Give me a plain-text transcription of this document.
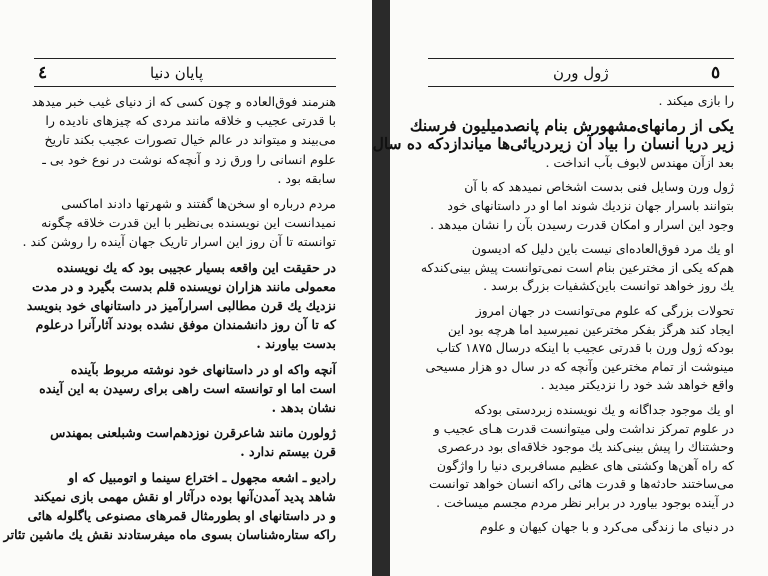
٤	پایان دنیا
هنرمند فوق‌العاده و چون کسی که از دنیای غیب خبر میدهد
با قدرتی عجیب و خلاقه مانند مردی که چیزهای نادیده را
می‌بیند و میتواند در عالم خیال تصورات عجیب بکند تاریخ
علوم انسانی را ورق زد و آنچه‌که نوشت در نوع خود بی ـ
سابقه بود .
مردم درباره او سخن‌ها گفتند و شهرتها دادند اماکسی
نمیدانست این نویسنده بی‌نظیر با این قدرت خلاقه چگونه
توانسته تا آن روز این اسرار تاریک جهان آینده را روشن کند .
در حقیقت این واقعه بسیار عجیبی بود که یك نویسنده
معمولی مانند هزاران نویسنده قلم بدست بگیرد و در مدت
نزدیك یك قرن مطالبی اسرارآمیز در داستانهای خود بنویسد
که تا آن روز دانشمندان موفق نشده بودند آثارآنرا درعلوم
بدست بیاورند .
آنچه واکه او در داستانهای خود نوشته مربوط بآینده
است اما او توانسته است راهی برای رسیدن به این آینده
نشان بدهد .
ژولورن مانند شاعرقرن نوزدهم‌است وشبلعنی بمهندس
قرن بیستم ندارد .
رادیو ـ اشعه مجهول ـ اختراع سینما و اتومبیل که او
شاهد پدید آمدن‌آنها بوده درآثار او نقش مهمی بازی نمیکند
و در داستانهای او بطورمثال قمرهای مصنوعی یاگلوله هائی
راکه ستاره‌شناسان بسوی ماه میفرستادند نقش یك ماشین تئاتر
٥
ژول ورن
را بازی میکند .
یکی از رمانهای‌مشهورش بنام پانصدمیلیون فرسنك
زیر دریا انسان را بیاد آن زیردریائی‌ها میاندازدکه ده سال
بعد ازآن مهندس لابوف بآب انداخت .
ژول ورن وسایل فنی بدست اشخاص نمیدهد که با آن
بتوانند باسرار جهان نزدیك شوند اما او در داستانهای خود
وجود این اسرار و امکان قدرت رسیدن بآن را نشان میدهد .
او یك مرد فوق‌العاده‌ای نیست باین دلیل که ادیسون
هم‌که یکی از مخترعین بنام است نمی‌توانست پیش بینی‌کندکه
یك روز خواهد توانست باین‌کشفیات بزرگ برسد .
تحولات بزرگی که علوم می‌توانست در جهان امروز
ایجاد کند هرگز بفکر مخترعین نمیرسید اما هرچه بود این
بودکه ژول ورن با قدرتی عجیب با اینکه درسال ۱۸۷۵ کتاب
مینوشت از تمام مخترعین وآنچه که در سال دو هزار مسیحی
واقع خواهد شد خود را نزدیکتر میدید .
او یك موجود جداگانه و یك نویسنده زبردستی بودکه
در علوم تمرکز نداشت ولی میتوانست قدرت هـای عجیب و
وحشتناك را پیش بینی‌کند یك موجود خلاقه‌ای بود درعصری
که راه آهن‌ها وکشتی های عظیم مسافربری دنیا را واژگون
می‌ساختند حادثه‌ها و قدرت هائی راکه انسان خواهد توانست
در آینده بوجود بیاورد در برابر نظر مردم مجسم میساخت .
در دنیای ما زندگی می‌کرد و با جهان کیهان و علوم
